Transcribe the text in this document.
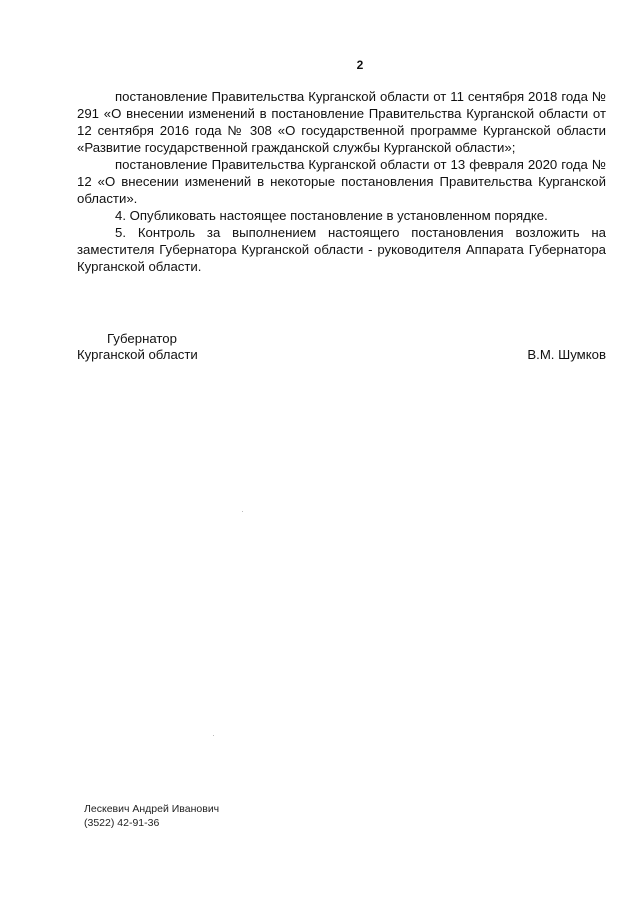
2

постановление Правительства Курганской области от 11 сентября 2018 года № 291 «О внесении изменений в постановление Правительства Курганской области от 12 сентября 2016 года № 308 «О государственной программе Курганской области «Развитие государственной гражданской службы Курганской области»;

постановление Правительства Курганской области от 13 февраля 2020 года № 12 «О внесении изменений в некоторые постановления Правительства Курганской области».

4. Опубликовать настоящее постановление в установленном порядке.

5. Контроль за выполнением настоящего постановления возложить на заместителя Губернатора Курганской области - руководителя Аппарата Губернатора Курганской области.

Губернатор
Курганской области	В.М. Шумков
Лескевич Андрей Иванович
(3522) 42-91-36
